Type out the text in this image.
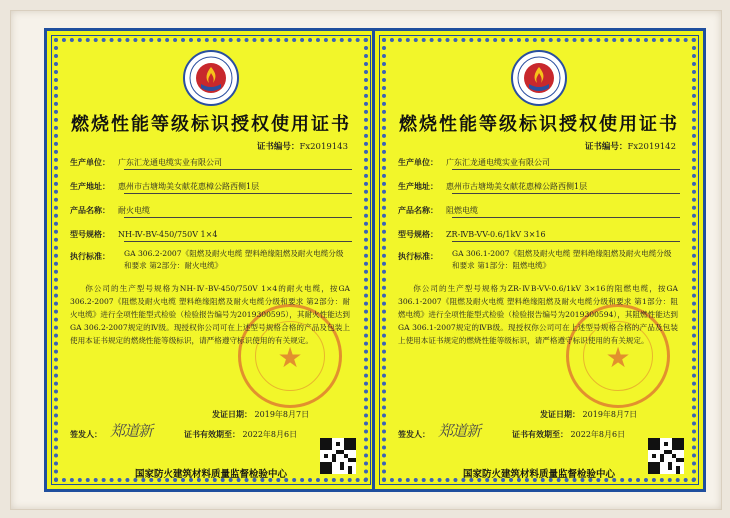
燃烧性能等级标识授权使用证书
证书编号：Fx2019143
生产单位： 广东汇龙通电缆实业有限公司
生产地址： 惠州市古塘坳美女献花惠樟公路西侧1层
产品名称： 耐火电缆
型号规格： NH-Ⅳ-BV-450/750V 1×4
执行标准：	GA 306.2-2007《阻燃及耐火电缆 塑料绝缘阻燃及耐火电缆分级和要求 第2部分：耐火电缆》
★
你公司的生产型号规格为NH-Ⅳ-BV-450/750V 1×4的耐火电缆，按GA 306.2-2007《阻燃及耐火电缆 塑料绝缘阻燃及耐火电缆分级和要求 第2部分：耐火电缆》进行全项性能型式检验（检验报告编号为2019300595），其耐火性能达到GA 306.2-2007规定的Ⅳ级。现授权你公司可在上述型号规格合格的产品及包装上使用本证书规定的燃烧性能等级标识，请严格遵守标识使用的有关规定。
发证日期： 2019年8月7日
签发人： 郑道新	证书有效期至： 2022年8月6日
国家防火建筑材料质量监督检验中心
燃烧性能等级标识授权使用证书
证书编号：Fx2019142
生产单位： 广东汇龙通电缆实业有限公司
生产地址： 惠州市古塘坳美女献花惠樟公路西侧1层
产品名称： 阻燃电缆
型号规格： ZR-ⅣB-VV-0.6/1kV 3×16
执行标准：	GA 306.1-2007《阻燃及耐火电缆 塑料绝缘阻燃及耐火电缆分级和要求 第1部分：阻燃电缆》
★
你公司的生产型号规格为ZR-ⅣB-VV-0.6/1kV 3×16的阻燃电缆，按GA 306.1-2007《阻燃及耐火电缆 塑料绝缘阻燃及耐火电缆分级和要求 第1部分：阻燃电缆》进行全项性能型式检验（检验报告编号为2019300594），其阻燃性能达到GA 306.1-2007规定的ⅣB级。现授权你公司可在上述型号规格合格的产品及包装上使用本证书规定的燃烧性能等级标识，请严格遵守标识使用的有关规定。
发证日期： 2019年8月7日
签发人： 郑道新	证书有效期至： 2022年8月6日
国家防火建筑材料质量监督检验中心
